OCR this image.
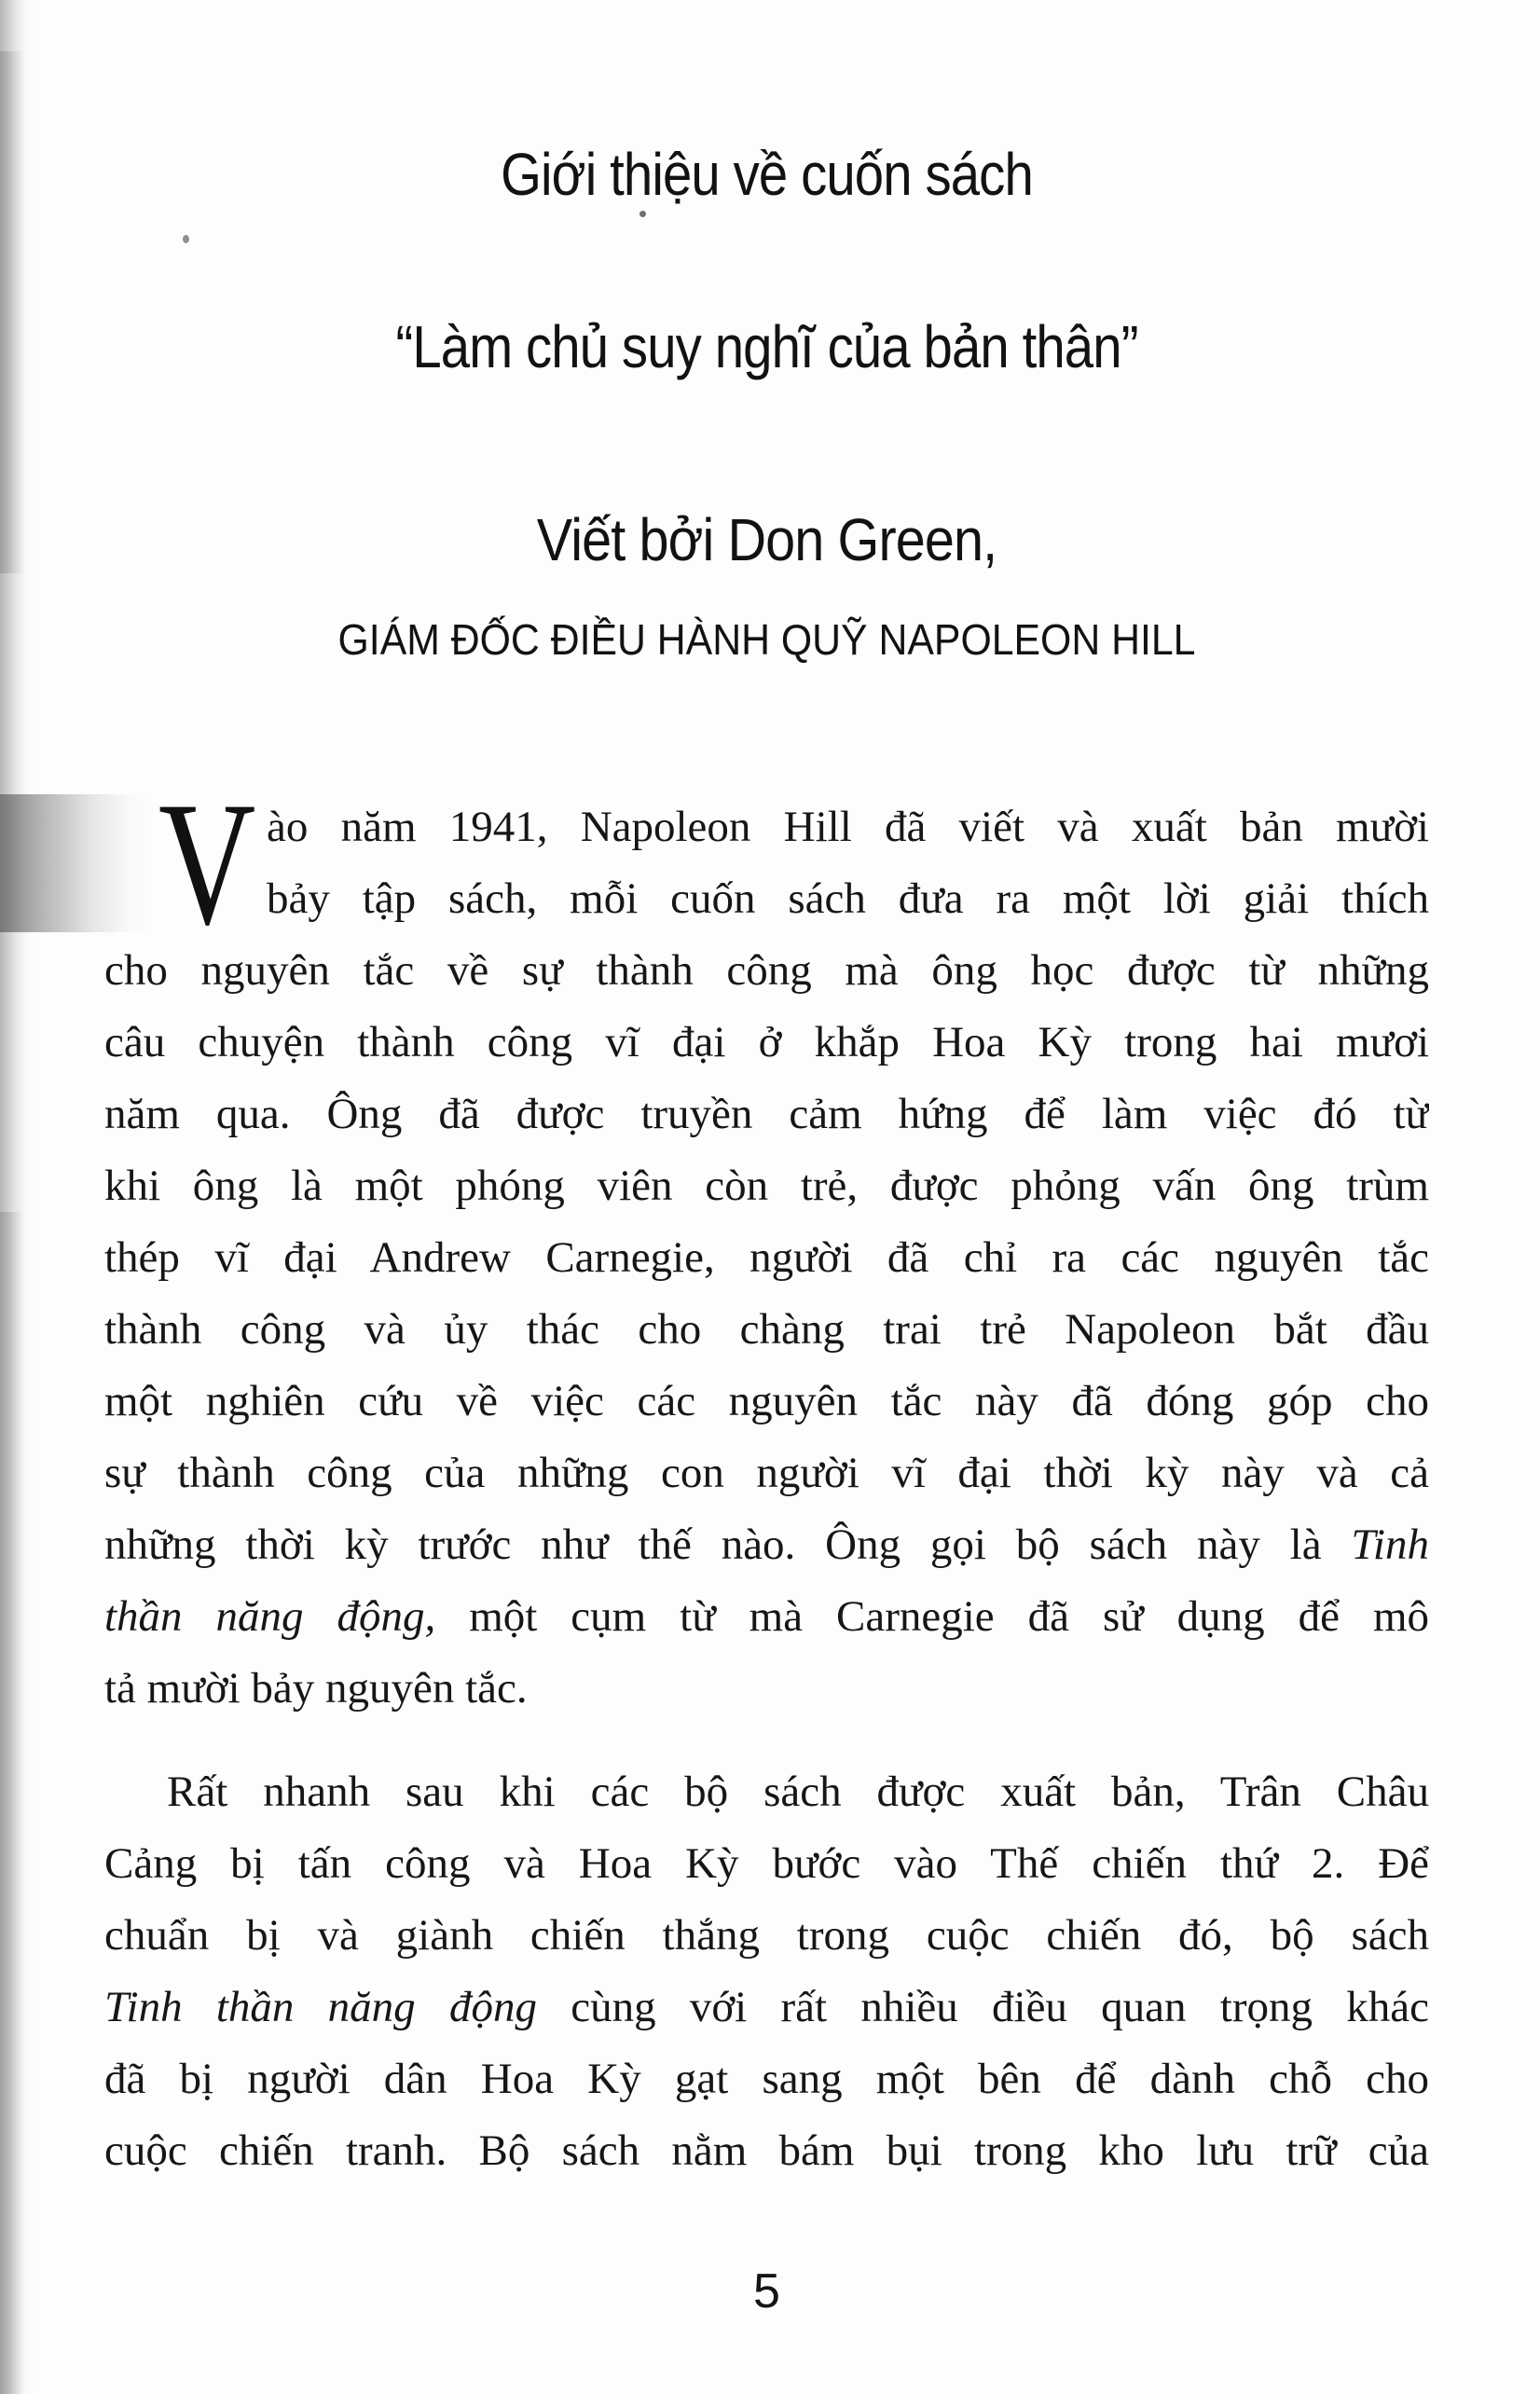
Giới thiệu về cuốn sách
“Làm chủ suy nghĩ của bản thân”
Viết bởi Don Green,
GIÁM ĐỐC ĐIỀU HÀNH QUỸ NAPOLEON HILL
V ào năm 1941, Napoleon Hill đã viết và xuất bản mười
bảy tập sách, mỗi cuốn sách đưa ra một lời giải thích
cho nguyên tắc về sự thành công mà ông học được từ những
câu chuyện thành công vĩ đại ở khắp Hoa Kỳ trong hai mươi
năm qua. Ông đã được truyền cảm hứng để làm việc đó từ
khi ông là một phóng viên còn trẻ, được phỏng vấn ông trùm
thép vĩ đại Andrew Carnegie, người đã chỉ ra các nguyên tắc
thành công và ủy thác cho chàng trai trẻ Napoleon bắt đầu
một nghiên cứu về việc các nguyên tắc này đã đóng góp cho
sự thành công của những con người vĩ đại thời kỳ này và cả
những thời kỳ trước như thế nào. Ông gọi bộ sách này là Tinh
thần năng động, một cụm từ mà Carnegie đã sử dụng để mô
tả mười bảy nguyên tắc.
Rất nhanh sau khi các bộ sách được xuất bản, Trân Châu
Cảng bị tấn công và Hoa Kỳ bước vào Thế chiến thứ 2. Để
chuẩn bị và giành chiến thắng trong cuộc chiến đó, bộ sách
Tinh thần năng động cùng với rất nhiều điều quan trọng khác
đã bị người dân Hoa Kỳ gạt sang một bên để dành chỗ cho
cuộc chiến tranh. Bộ sách nằm bám bụi trong kho lưu trữ của
5
